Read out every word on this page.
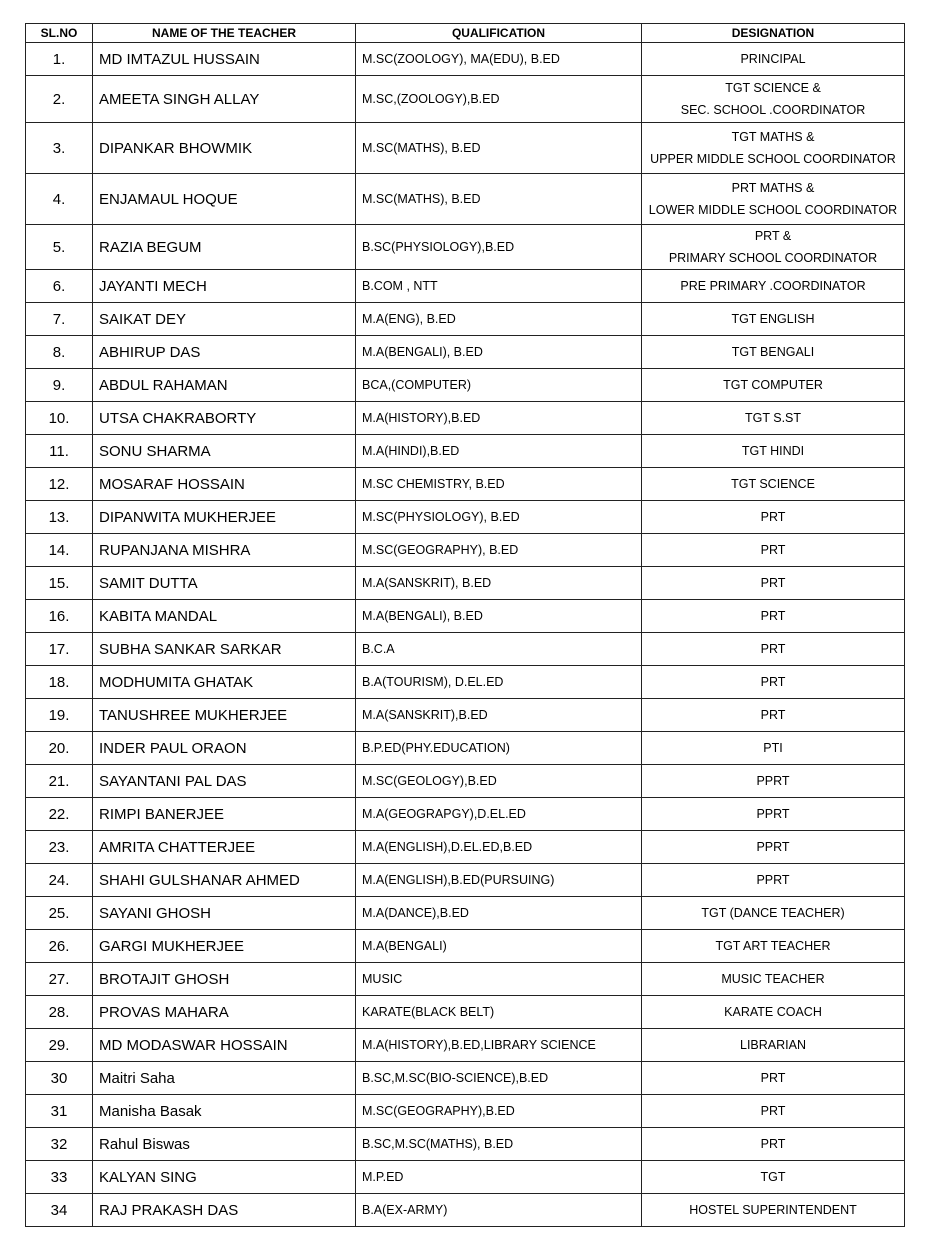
SL.NO	NAME OF THE TEACHER	QUALIFICATION	DESIGNATION
1.	MD IMTAZUL HUSSAIN	M.SC(ZOOLOGY), MA(EDU), B.ED	PRINCIPAL

2.	AMEETA SINGH ALLAY	M.SC,(ZOOLOGY),B.ED	TGT SCIENCE &
SEC. SCHOOL .COORDINATOR

3.	DIPANKAR BHOWMIK	M.SC(MATHS), B.ED	TGT MATHS &
UPPER MIDDLE SCHOOL COORDINATOR

4.	ENJAMAUL HOQUE	M.SC(MATHS), B.ED	PRT MATHS &
LOWER MIDDLE SCHOOL COORDINATOR

5.	RAZIA BEGUM	B.SC(PHYSIOLOGY),B.ED	PRT &
PRIMARY SCHOOL COORDINATOR

6.	JAYANTI MECH	B.COM , NTT	PRE PRIMARY .COORDINATOR

7.	SAIKAT DEY	M.A(ENG), B.ED	TGT ENGLISH

8.	ABHIRUP DAS	M.A(BENGALI), B.ED	TGT BENGALI

9.	ABDUL RAHAMAN	BCA,(COMPUTER)	TGT COMPUTER

10.	UTSA CHAKRABORTY	M.A(HISTORY),B.ED	TGT S.ST

11.	SONU SHARMA	M.A(HINDI),B.ED	TGT HINDI

12.	MOSARAF HOSSAIN	M.SC CHEMISTRY, B.ED	TGT SCIENCE

13.	DIPANWITA MUKHERJEE	M.SC(PHYSIOLOGY), B.ED	PRT

14.	RUPANJANA MISHRA	M.SC(GEOGRAPHY), B.ED	PRT

15.	SAMIT DUTTA	M.A(SANSKRIT), B.ED	PRT

16.	KABITA MANDAL	M.A(BENGALI), B.ED	PRT

17.	SUBHA SANKAR SARKAR	B.C.A	PRT

18.	MODHUMITA GHATAK	B.A(TOURISM), D.EL.ED	PRT

19.	TANUSHREE MUKHERJEE	M.A(SANSKRIT),B.ED	PRT

20.	INDER PAUL ORAON	B.P.ED(PHY.EDUCATION)	PTI

21.	SAYANTANI PAL DAS	M.SC(GEOLOGY),B.ED	PPRT

22.	RIMPI BANERJEE	M.A(GEOGRAPGY),D.EL.ED	PPRT

23.	AMRITA CHATTERJEE	M.A(ENGLISH),D.EL.ED,B.ED	PPRT

24.	SHAHI GULSHANAR AHMED	M.A(ENGLISH),B.ED(PURSUING)	PPRT

25.	SAYANI GHOSH	M.A(DANCE),B.ED	TGT (DANCE TEACHER)

26.	GARGI MUKHERJEE	M.A(BENGALI)	TGT ART TEACHER

27.	BROTAJIT GHOSH	MUSIC	MUSIC TEACHER

28.	PROVAS MAHARA	KARATE(BLACK BELT)	KARATE COACH

29.	MD MODASWAR HOSSAIN	M.A(HISTORY),B.ED,LIBRARY SCIENCE	LIBRARIAN

30	Maitri Saha	B.SC,M.SC(BIO-SCIENCE),B.ED	PRT

31	Manisha Basak	M.SC(GEOGRAPHY),B.ED	PRT

32	Rahul Biswas	B.SC,M.SC(MATHS), B.ED	PRT

33	KALYAN SING	M.P.ED	TGT

34	RAJ PRAKASH DAS	B.A(EX-ARMY)	HOSTEL SUPERINTENDENT
